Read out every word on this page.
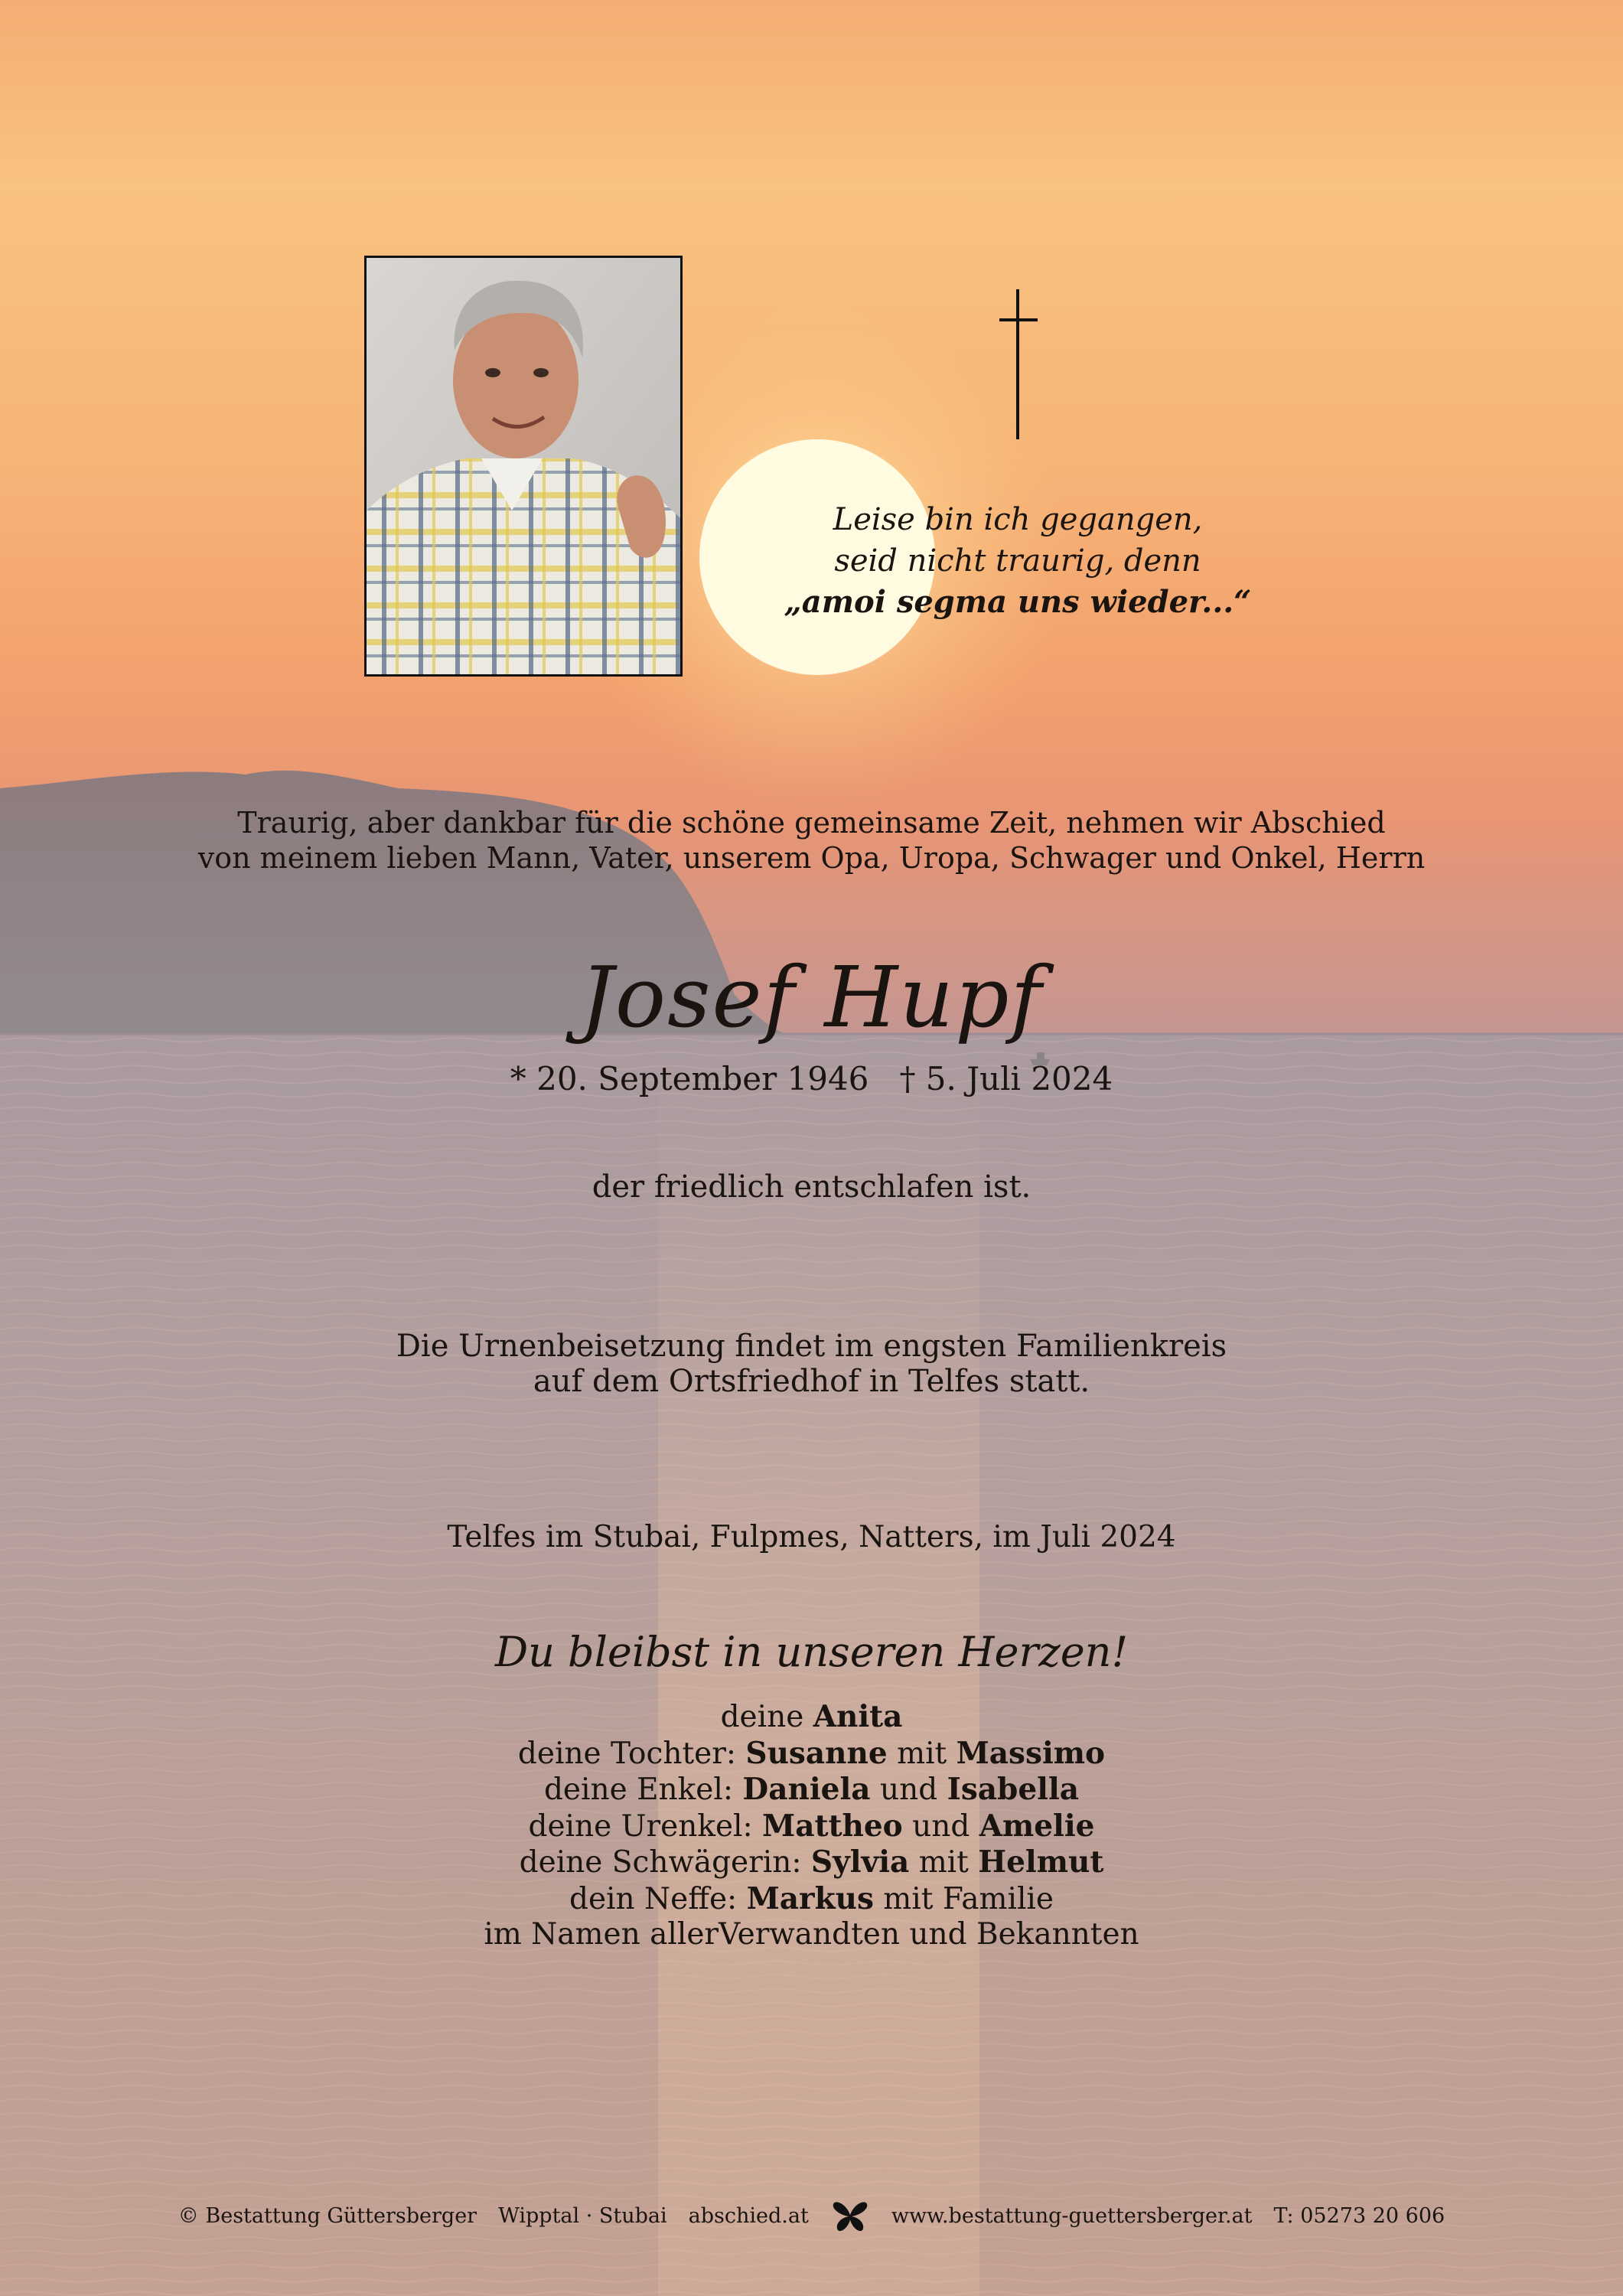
Leise bin ich gegangen,
seid nicht traurig, denn
„amoi segma uns wieder...“
Traurig, aber dankbar für die schöne gemeinsame Zeit, nehmen wir Abschied
von meinem lieben Mann, Vater, unserem Opa, Uropa, Schwager und Onkel, Herrn
Josef Hupf
* 20. September 1946 † 5. Juli 2024
der friedlich entschlafen ist.
Die Urnenbeisetzung findet im engsten Familienkreis
auf dem Ortsfriedhof in Telfes statt.
Telfes im Stubai, Fulpmes, Natters, im Juli 2024
Du bleibst in unseren Herzen!
deine Anita
deine Tochter: Susanne mit Massimo
deine Enkel: Daniela und Isabella
deine Urenkel: Mattheo und Amelie
deine Schwägerin: Sylvia mit Helmut
dein Neffe: Markus mit Familie
im Namen allerVerwandten und Bekannten
© Bestattung Güttersberger Wipptal · Stubai abschied.at	www.bestattung-guettersberger.at T: 05273 20 606
